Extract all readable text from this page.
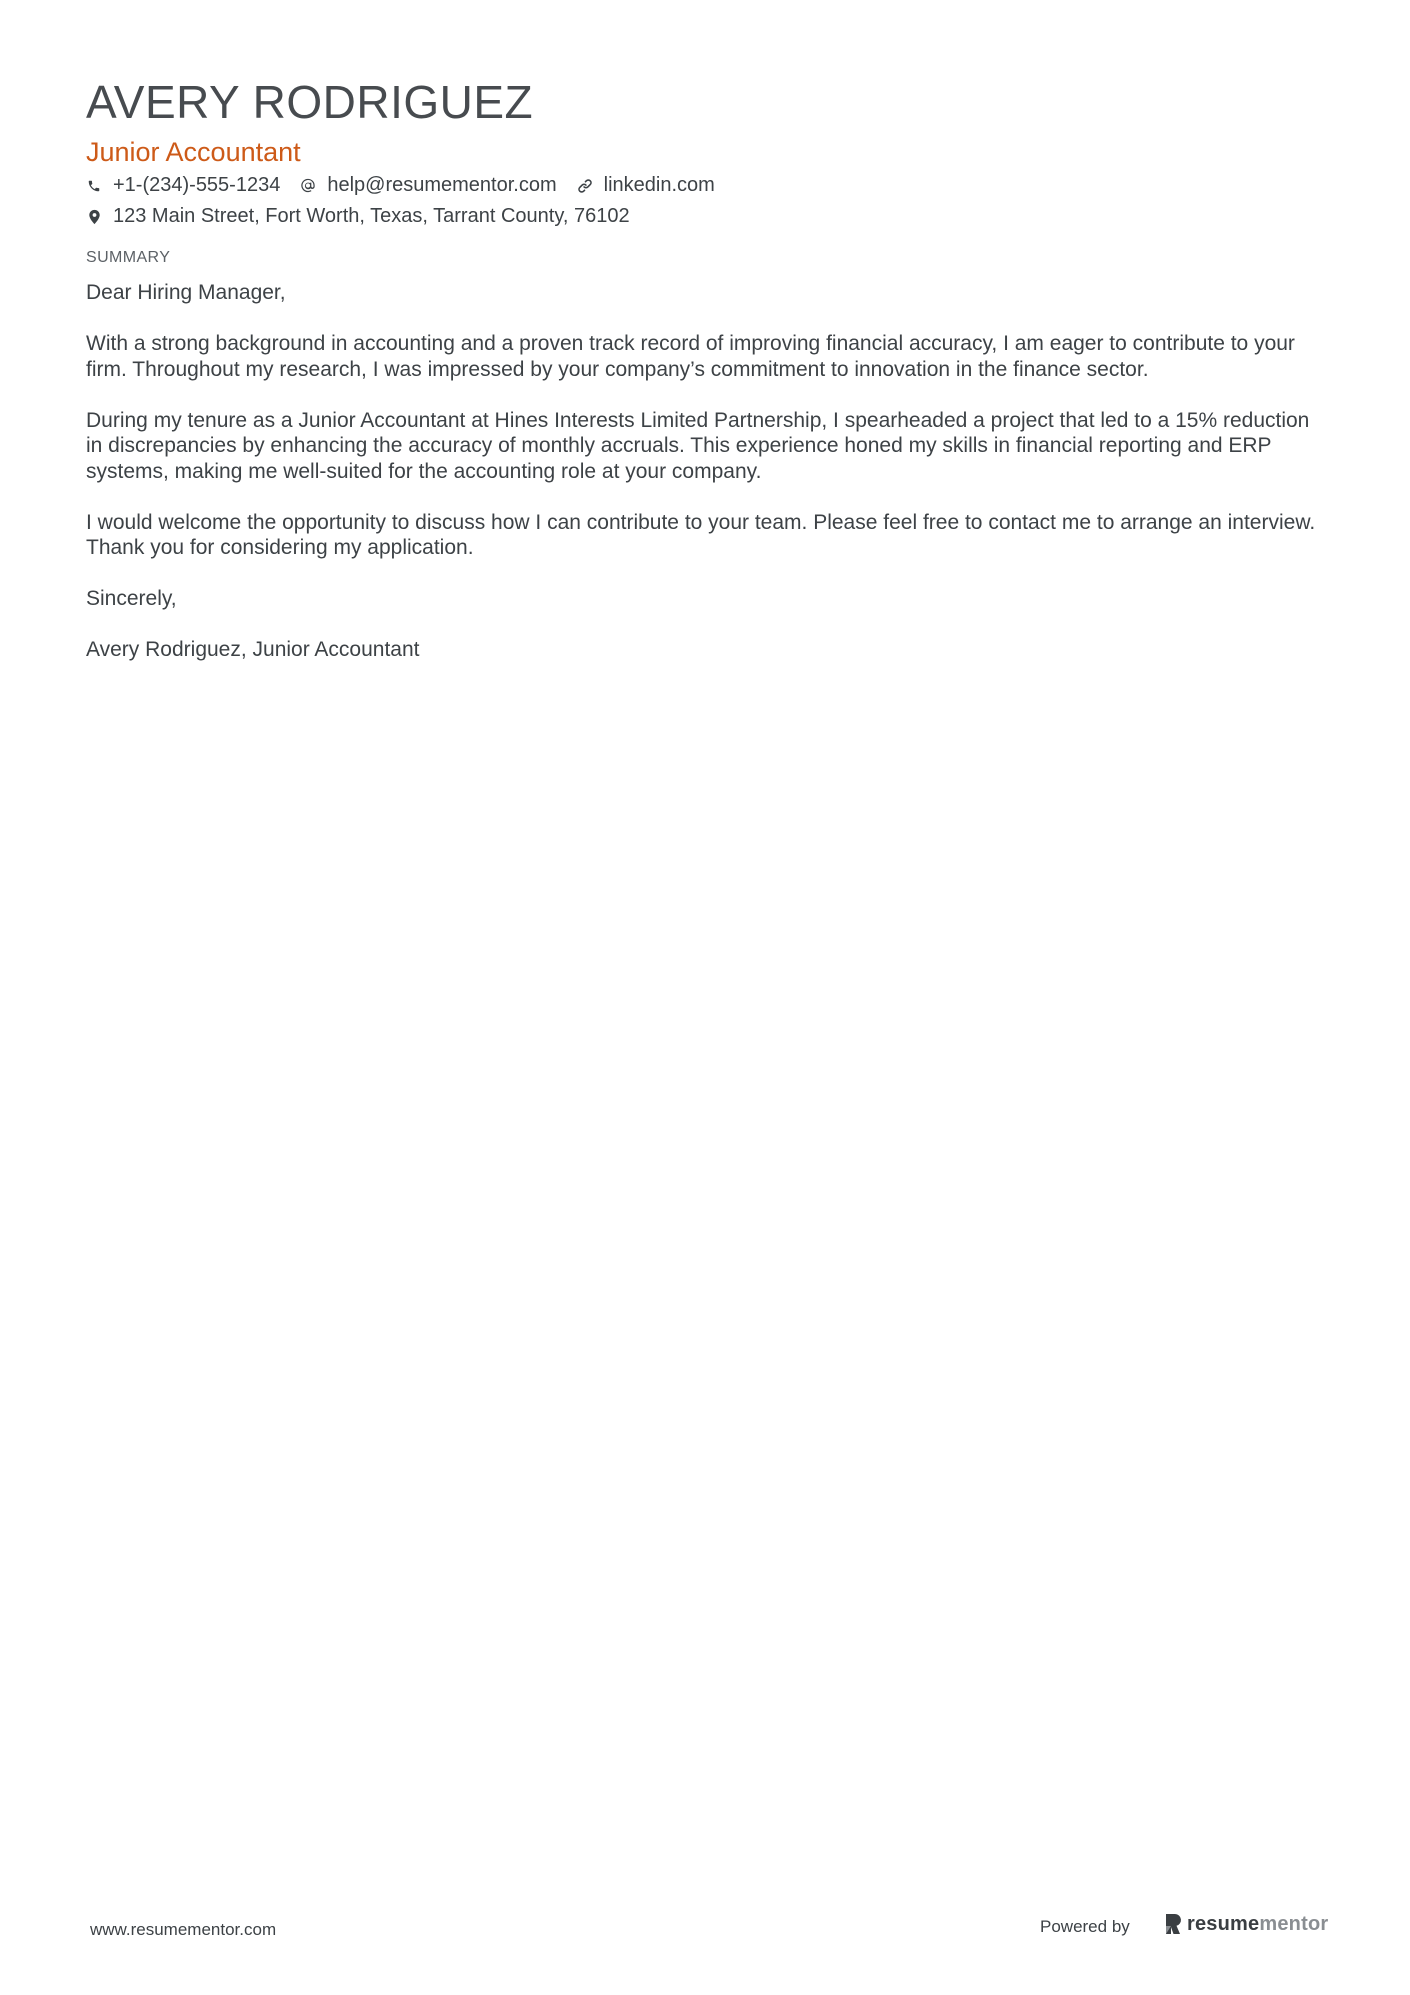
AVERY RODRIGUEZ
Junior Accountant
+1-(234)-555-1234 help@resumementor.com linkedin.com
123 Main Street, Fort Worth, Texas, Tarrant County, 76102
SUMMARY

Dear Hiring Manager,

With a strong background in accounting and a proven track record of improving financial accuracy, I am eager to contribute to your firm. Throughout my research, I was impressed by your company’s commitment to innovation in the finance sector.

During my tenure as a Junior Accountant at Hines Interests Limited Partnership, I spearheaded a project that led to a 15% reduction in discrepancies by enhancing the accuracy of monthly accruals. This experience honed my skills in financial reporting and ERP systems, making me well-suited for the accounting role at your company.

I would welcome the opportunity to discuss how I can contribute to your team. Please feel free to contact me to arrange an interview. Thank you for considering my application.

Sincerely,

Avery Rodriguez, Junior Accountant

www.resumementor.com	Powered by	resumementor
